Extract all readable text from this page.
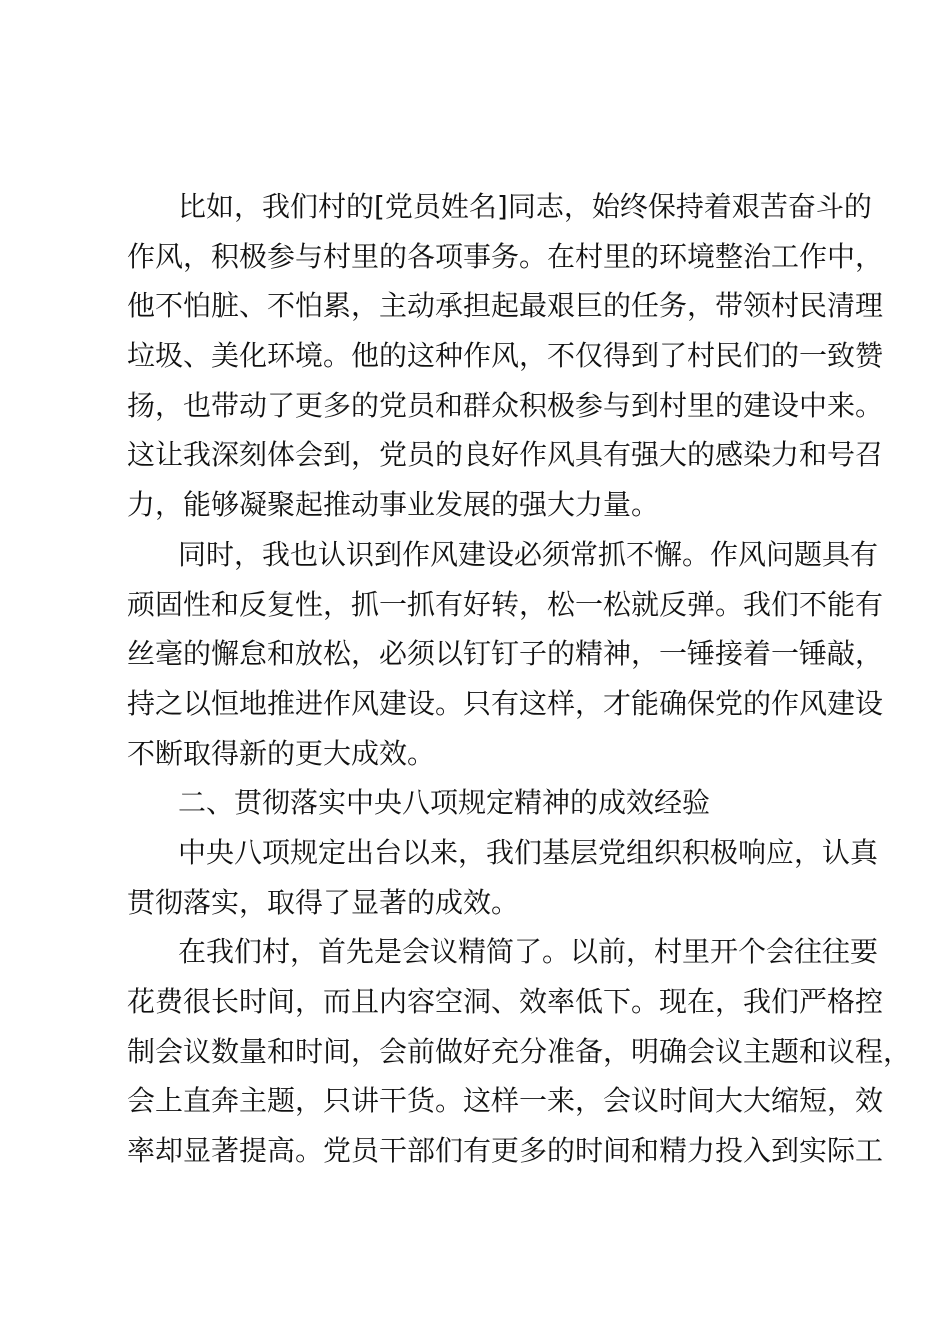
比如，我们村的[党员姓名]同志，始终保持着艰苦奋斗的
作风，积极参与村里的各项事务。在村里的环境整治工作中，
他不怕脏、不怕累，主动承担起最艰巨的任务，带领村民清理
垃圾、美化环境。他的这种作风，不仅得到了村民们的一致赞
扬，也带动了更多的党员和群众积极参与到村里的建设中来。
这让我深刻体会到，党员的良好作风具有强大的感染力和号召
力，能够凝聚起推动事业发展的强大力量。
同时，我也认识到作风建设必须常抓不懈。作风问题具有
顽固性和反复性，抓一抓有好转，松一松就反弹。我们不能有
丝毫的懈怠和放松，必须以钉钉子的精神，一锤接着一锤敲，
持之以恒地推进作风建设。只有这样，才能确保党的作风建设
不断取得新的更大成效。
二、贯彻落实中央八项规定精神的成效经验
中央八项规定出台以来，我们基层党组织积极响应，认真
贯彻落实，取得了显著的成效。
在我们村，首先是会议精简了。以前，村里开个会往往要
花费很长时间，而且内容空洞、效率低下。现在，我们严格控
制会议数量和时间，会前做好充分准备，明确会议主题和议程，
会上直奔主题，只讲干货。这样一来，会议时间大大缩短，效
率却显著提高。党员干部们有更多的时间和精力投入到实际工
